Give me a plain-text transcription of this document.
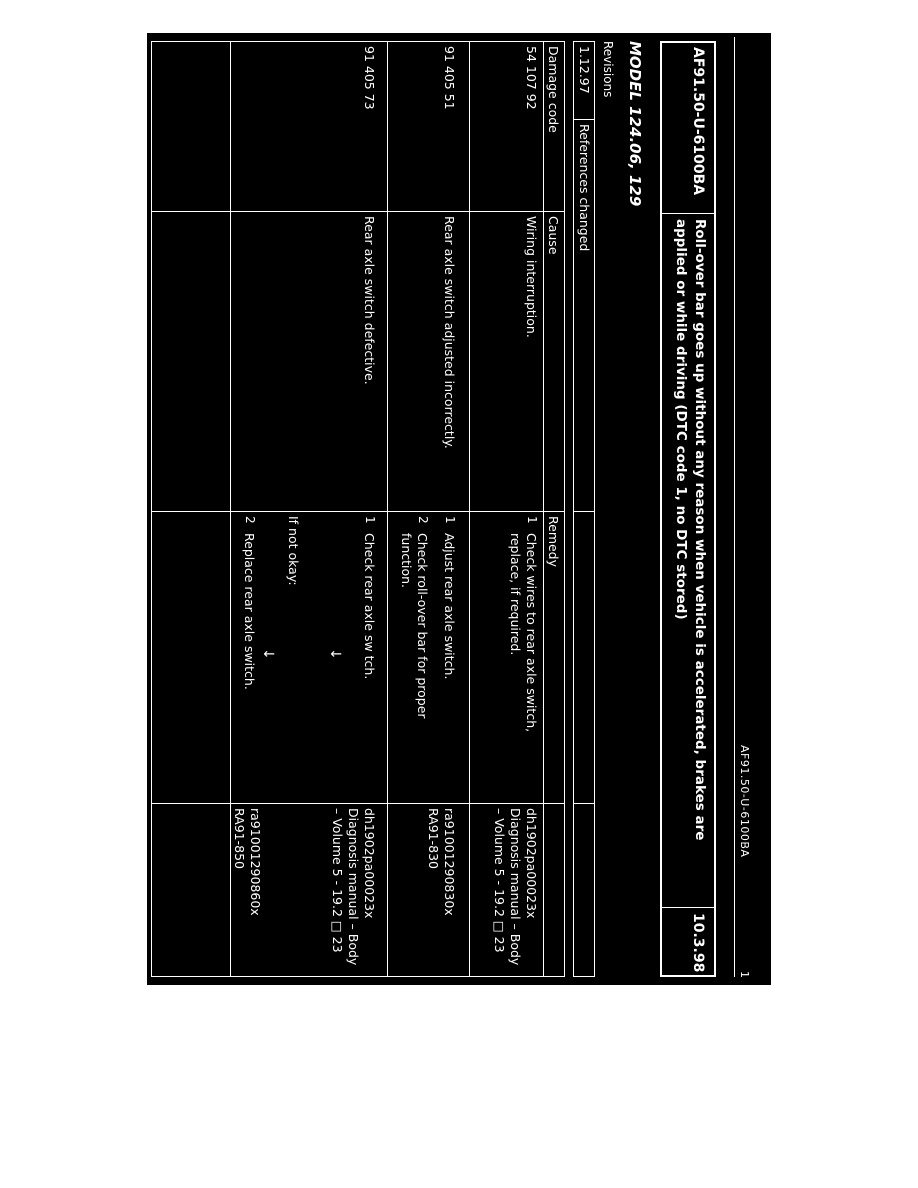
AF91.50-U-6100BA
1
AF91.50-U-6100BA
Roll-over bar goes up without any reason when vehicle is accelerated, brakes are
applied or while driving (DTC code 1, no DTC stored)
10.3.98
MODEL 124.06, 129
Revisions
1.12.97
References changed
Damage code
Cause
Remedy
54 107 92
Wiring interruption.
1
Check wires to rear axle switch,
replace, if required.
dh1902pa00023x
Diagnosis manual – Body
– Volume 5 - 19.2 □ 23
91 405 51
Rear axle switch adjusted incorrectly.
1
Adjust rear axle switch.
2
Check roll-over bar for proper
function.
ra91001290830x
RA91-830
91 405 73
Rear axle switch defective.
1
Check rear axle sw tch.
↓
If not okay:
↓
2
Replace rear axle switch.
dh1902pa00023x
Diagnosis manual – Body
– Volume 5 - 19.2 □ 23
ra91001290860x
RA91-850
